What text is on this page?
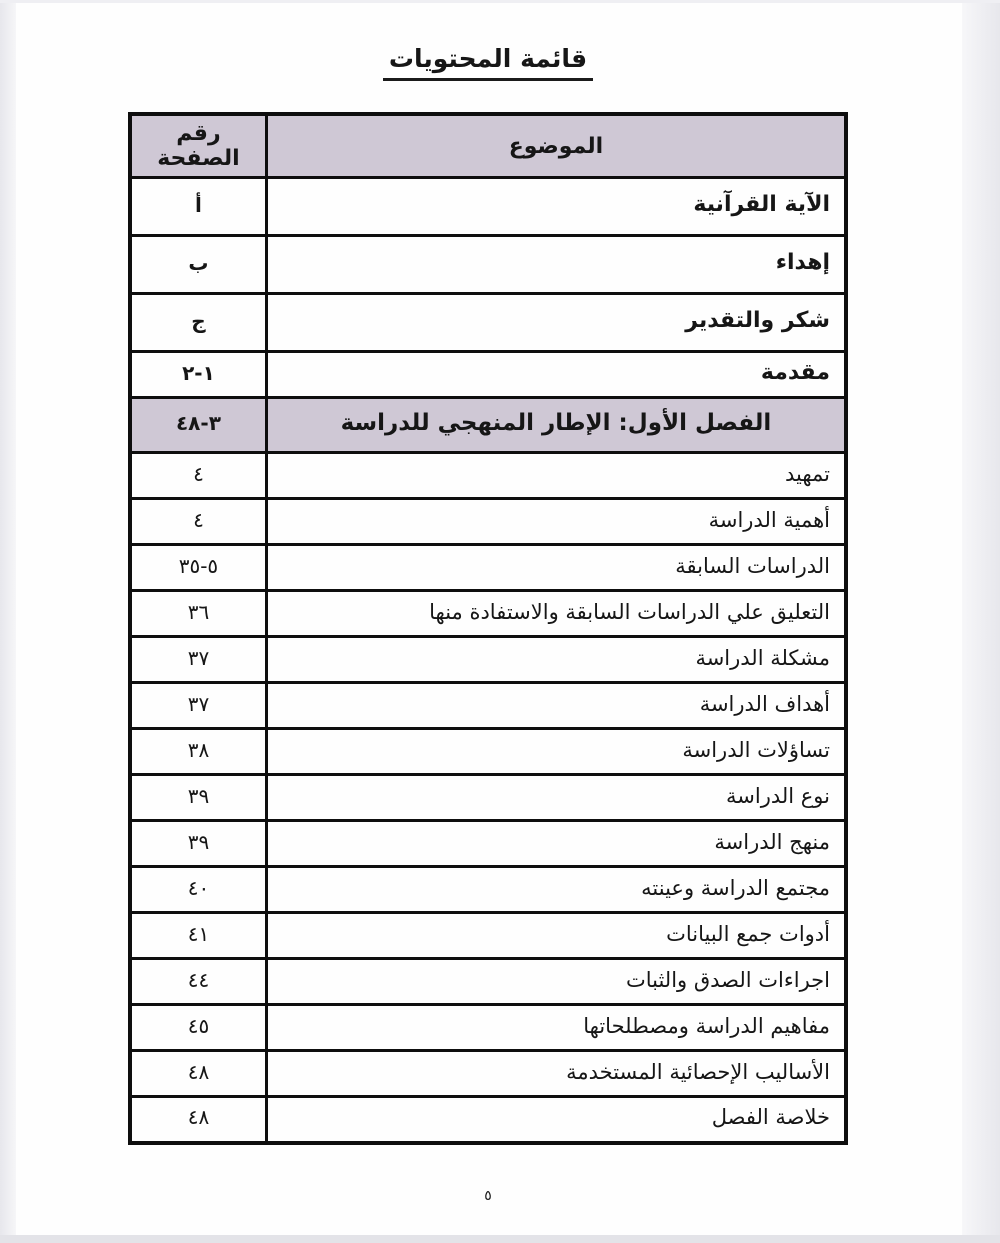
قائمة المحتويات
الموضوع	رقم الصفحة
الآية القرآنية	أ
إهداء	ب
شكر والتقدير	ج
مقدمة	١-٢
الفصل الأول: الإطار المنهجي للدراسة	٣-٤٨
تمهيد	٤
أهمية الدراسة	٤
الدراسات السابقة	٥-٣٥
التعليق علي الدراسات السابقة والاستفادة منها	٣٦
مشكلة الدراسة	٣٧
أهداف الدراسة	٣٧
تساؤلات الدراسة	٣٨
نوع الدراسة	٣٩
منهج الدراسة	٣٩
مجتمع الدراسة وعينته	٤٠
أدوات جمع البيانات	٤١
اجراءات الصدق والثبات	٤٤
مفاهيم الدراسة ومصطلحاتها	٤٥
الأساليب الإحصائية المستخدمة	٤٨
خلاصة الفصل	٤٨
٥
